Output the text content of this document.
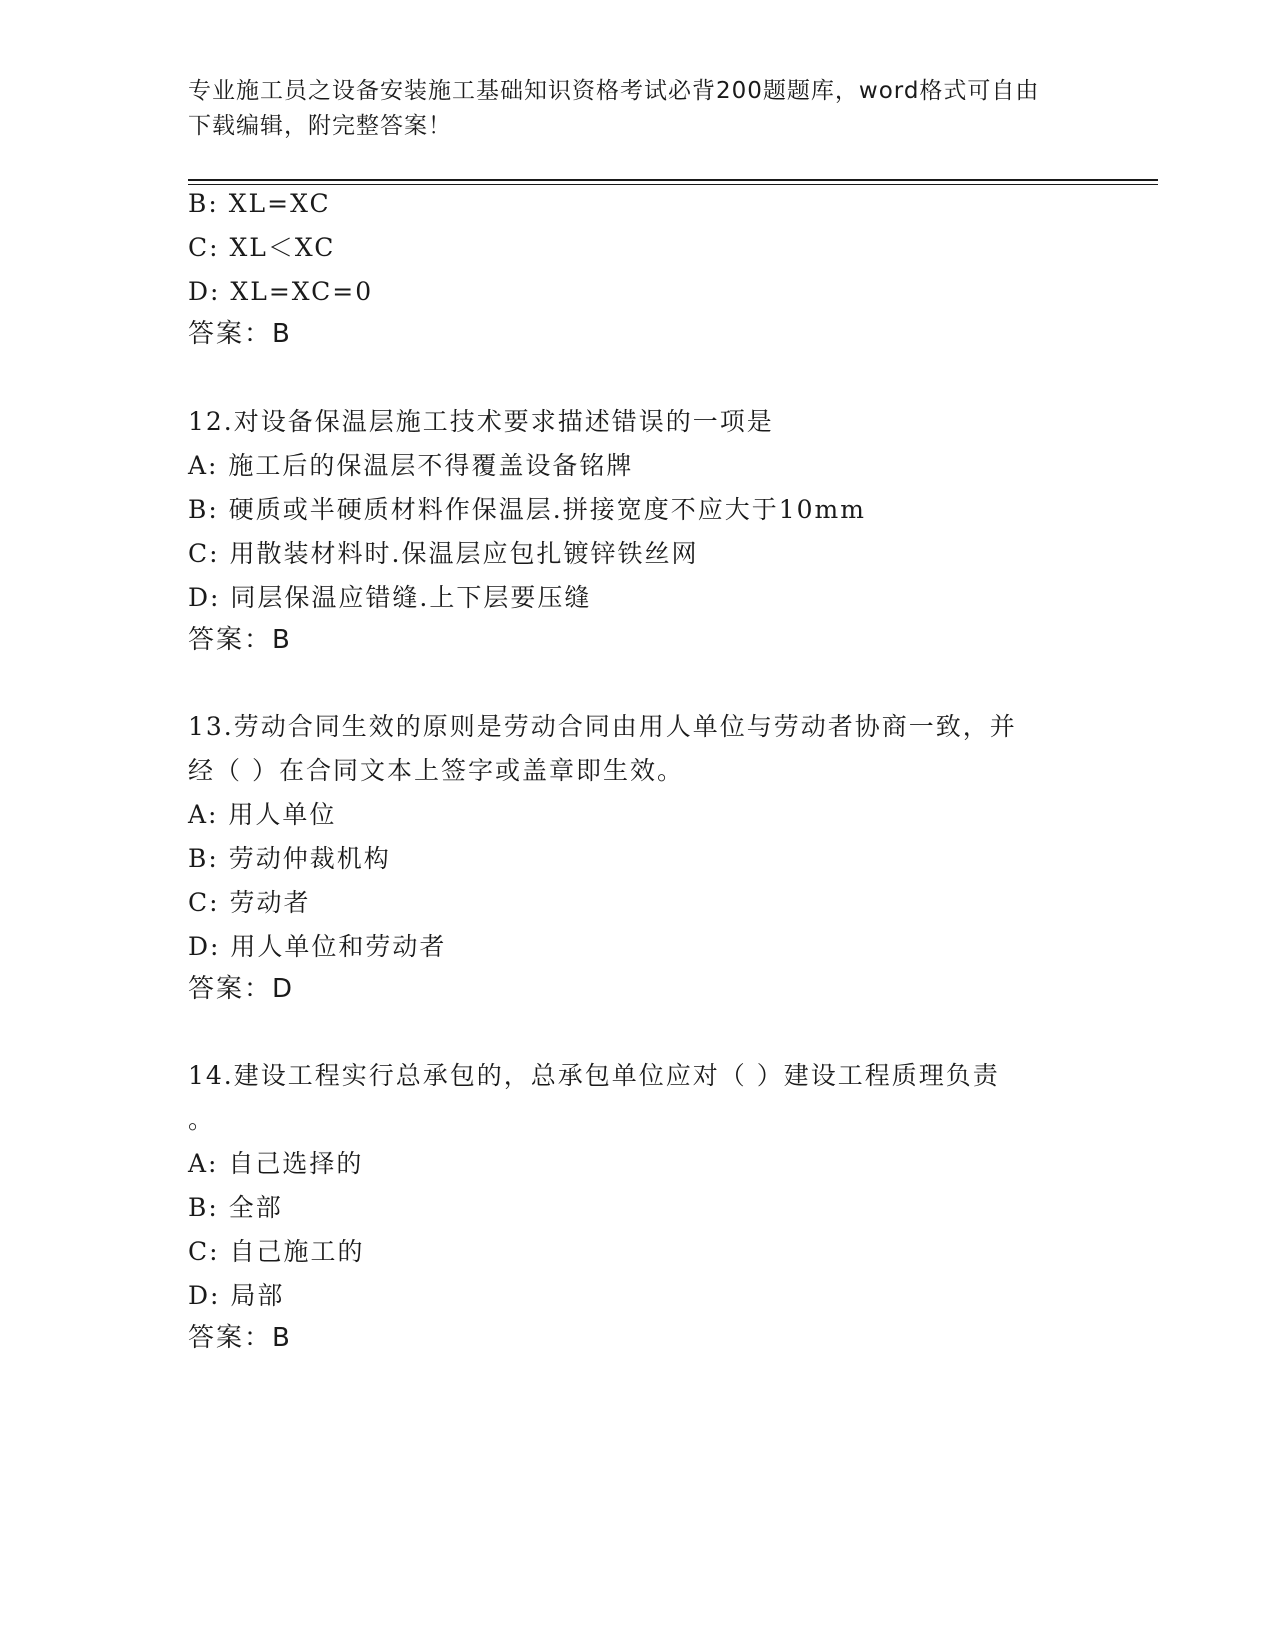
专业施工员之设备安装施工基础知识资格考试必背200题题库，word格式可自由
下载编辑，附完整答案！
B: XL=XC
C: XL＜XC
D: XL=XC=0
答案：B
12.对设备保温层施工技术要求描述错误的一项是
A: 施工后的保温层不得覆盖设备铭牌
B: 硬质或半硬质材料作保温层.拼接宽度不应大于10mm
C: 用散装材料时.保温层应包扎镀锌铁丝网
D: 同层保温应错缝.上下层要压缝
答案：B
13.劳动合同生效的原则是劳动合同由用人单位与劳动者协商一致，并
经（ ）在合同文本上签字或盖章即生效。
A: 用人单位
B: 劳动仲裁机构
C: 劳动者
D: 用人单位和劳动者
答案：D
14.建设工程实行总承包的，总承包单位应对（ ）建设工程质理负责
。
A: 自己选择的
B: 全部
C: 自己施工的
D: 局部
答案：B
